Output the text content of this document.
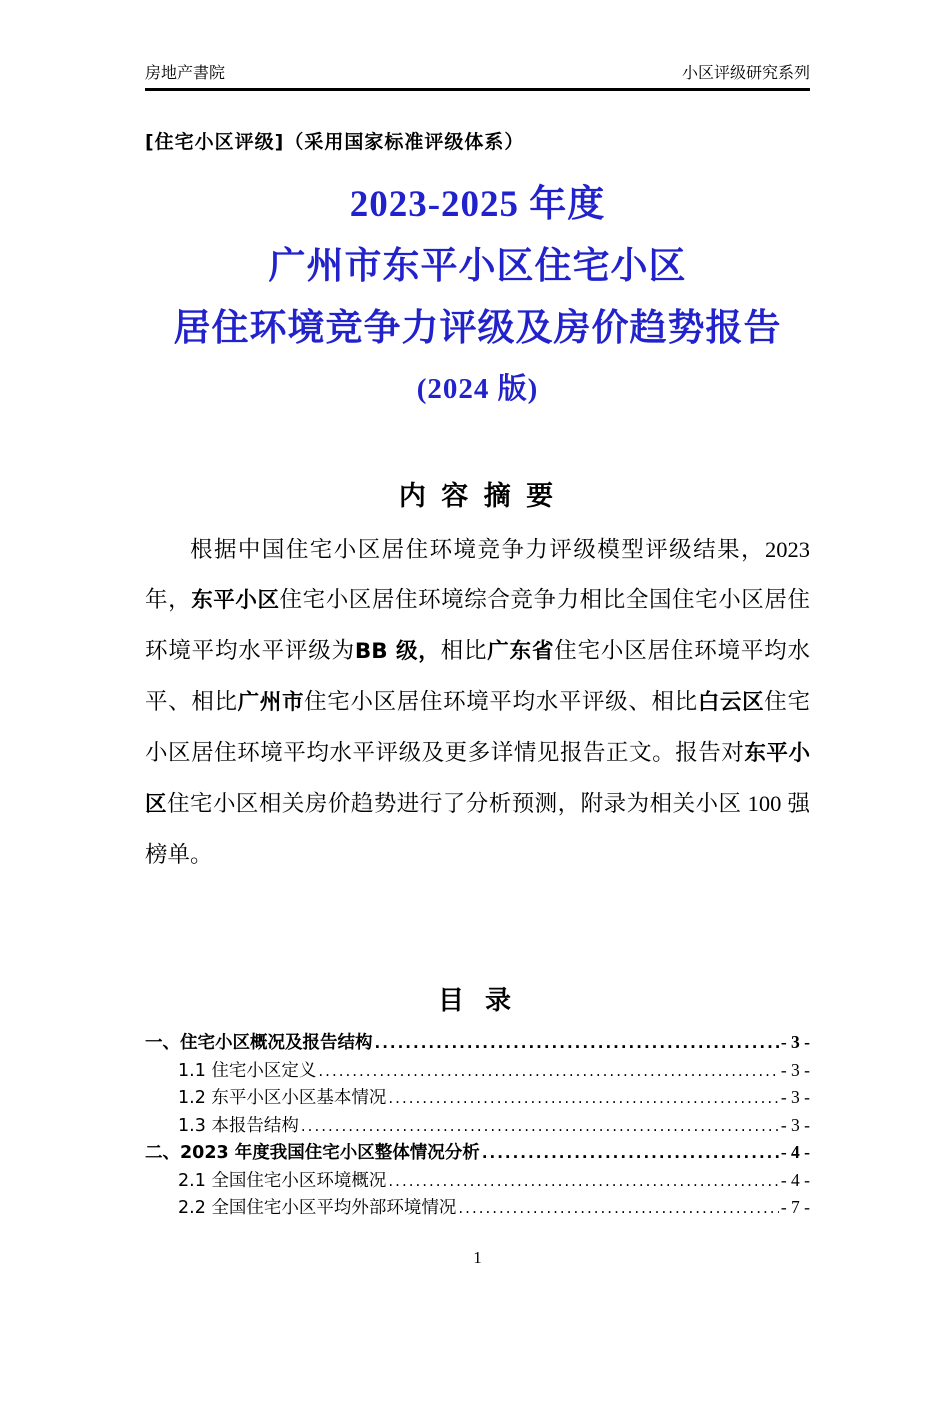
房地产書院	小区评级研究系列
[住宅小区评级]（采用国家标准评级体系）
2023-2025 年度
广州市东平小区住宅小区
居住环境竞争力评级及房价趋势报告
(2024 版)
内 容 摘 要

根据中国住宅小区居住环境竞争力评级模型评级结果，2023 年，东平小区住宅小区居住环境综合竞争力相比全国住宅小区居住环境平均水平评级为BB 级，相比广东省住宅小区居住环境平均水平、相比广州市住宅小区居住环境平均水平评级、相比白云区住宅小区居住环境平均水平评级及更多详情见报告正文。报告对东平小区住宅小区相关房价趋势进行了分析预测，附录为相关小区 100 强榜单。

目 录
一、住宅小区概况及报告结构 .....	- 3 -
1.1 住宅小区定义 .....	- 3 -
1.2 东平小区小区基本情况 .....	- 3 -
1.3 本报告结构 .....	- 3 -
二、2023 年度我国住宅小区整体情况分析 .....	- 4 -
2.1 全国住宅小区环境概况 .....	- 4 -
2.2 全国住宅小区平均外部环境情况 .....	- 7 -
1
